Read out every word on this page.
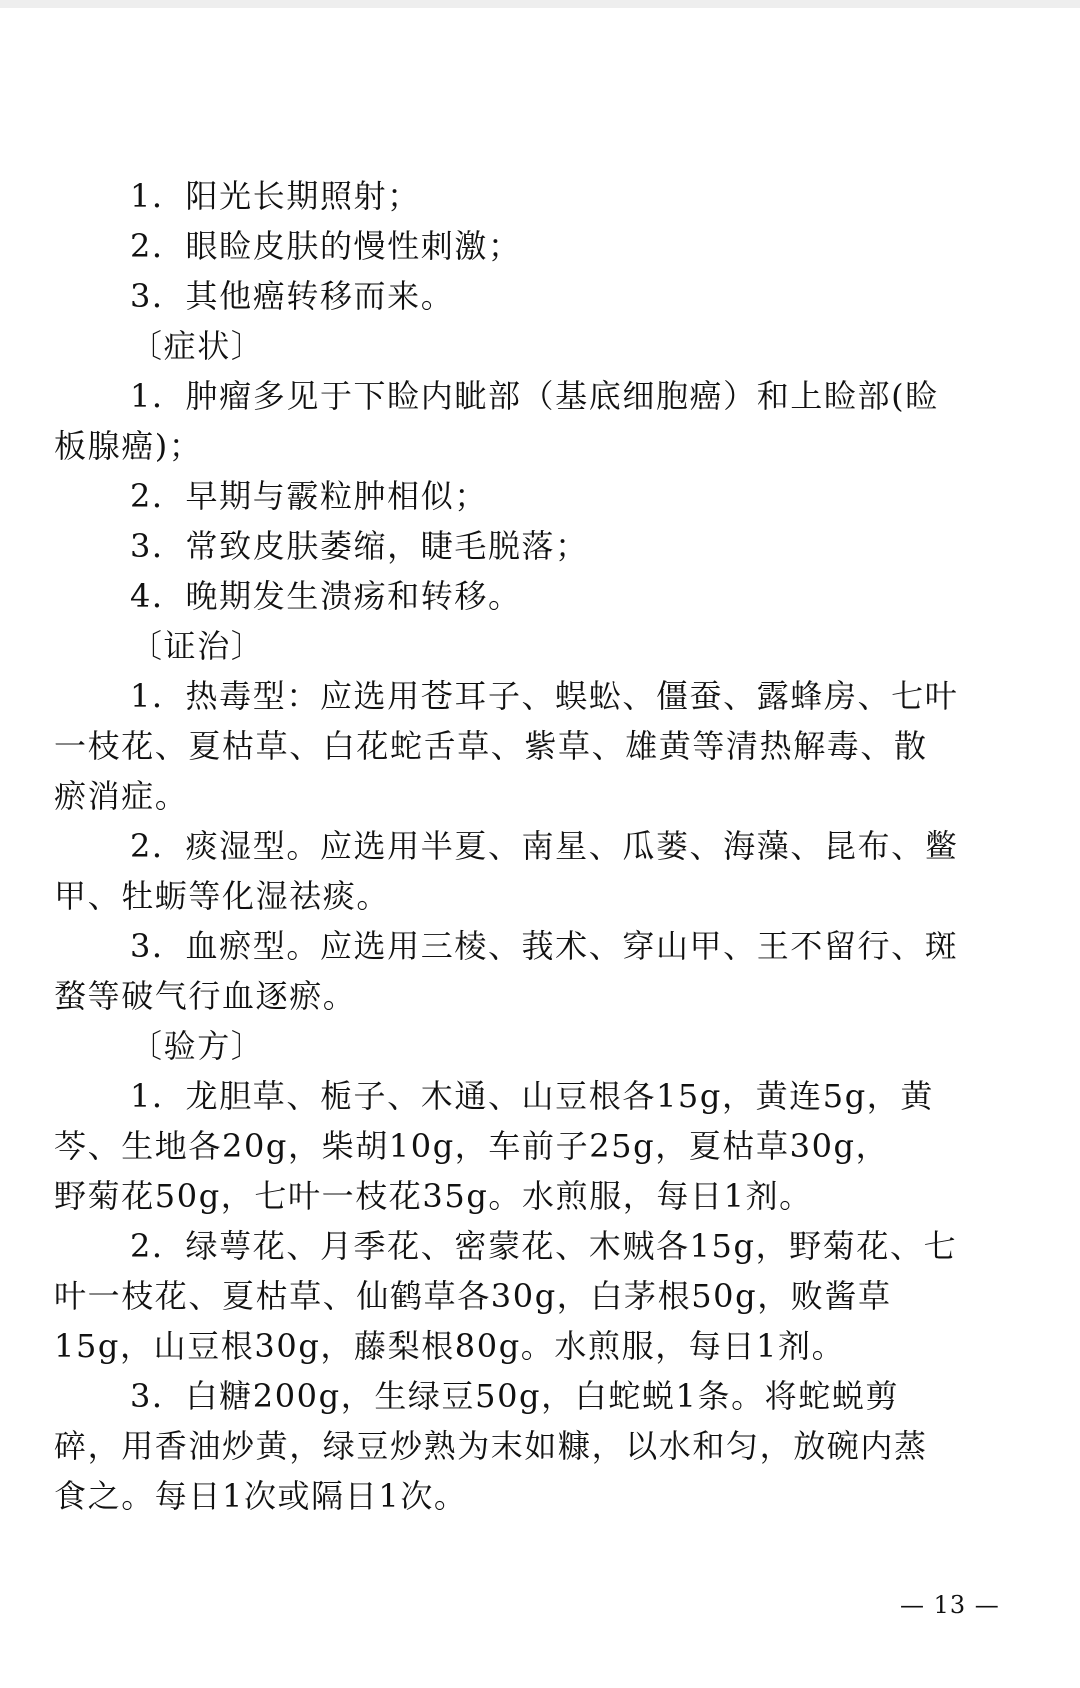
1．阳光长期照射；
2．眼睑皮肤的慢性刺激；
3．其他癌转移而来。
〔症状〕
1．肿瘤多见于下睑内眦部（基底细胞癌）和上睑部(睑
板腺癌)；
2．早期与霰粒肿相似；
3．常致皮肤萎缩，睫毛脱落；
4．晚期发生溃疡和转移。
〔证治〕
1．热毒型：应选用苍耳子、蜈蚣、僵蚕、露蜂房、七叶
一枝花、夏枯草、白花蛇舌草、紫草、雄黄等清热解毒、散
瘀消症。
2．痰湿型。应选用半夏、南星、瓜蒌、海藻、昆布、鳖
甲、牡蛎等化湿祛痰。
3．血瘀型。应选用三棱、莪术、穿山甲、王不留行、斑
蝥等破气行血逐瘀。
〔验方〕
1．龙胆草、栀子、木通、山豆根各15g，黄连5g，黄
芩、生地各20g，柴胡10g，车前子25g，夏枯草30g，
野菊花50g，七叶一枝花35g。水煎服，每日1剂。
2．绿萼花、月季花、密蒙花、木贼各15g，野菊花、七
叶一枝花、夏枯草、仙鹤草各30g，白茅根50g，败酱草
15g，山豆根30g，藤梨根80g。水煎服，每日1剂。
3．白糖200g，生绿豆50g，白蛇蜕1条。将蛇蜕剪
碎，用香油炒黄，绿豆炒熟为末如糠，以水和匀，放碗内蒸
食之。每日1次或隔日1次。
— 13 —
